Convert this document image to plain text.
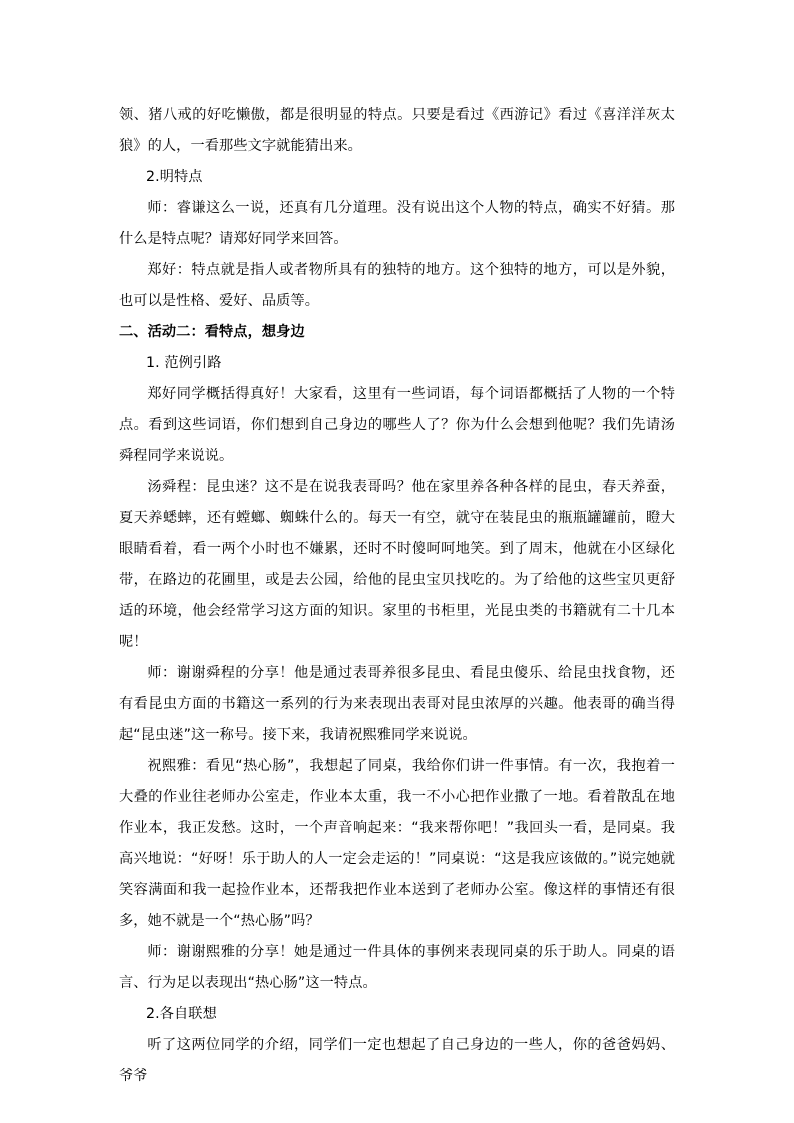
领、猪八戒的好吃懒傲，都是很明显的特点。只要是看过《西游记》看过《喜洋洋灰太狼》的人，一看那些文字就能猜出来。

2.明特点

师：睿谦这么一说，还真有几分道理。没有说出这个人物的特点，确实不好猜。那什么是特点呢？请郑好同学来回答。

郑好：特点就是指人或者物所具有的独特的地方。这个独特的地方，可以是外貌，也可以是性格、爱好、品质等。

二、活动二：看特点，想身边

1. 范例引路

郑好同学概括得真好！大家看，这里有一些词语，每个词语都概括了人物的一个特点。看到这些词语，你们想到自己身边的哪些人了？你为什么会想到他呢？我们先请汤舜程同学来说说。

汤舜程：昆虫迷？这不是在说我表哥吗？他在家里养各种各样的昆虫，春天养蚕，夏天养蟋蟀，还有螳螂、蜘蛛什么的。每天一有空，就守在装昆虫的瓶瓶罐罐前，瞪大眼睛看着，看一两个小时也不嫌累，还时不时傻呵呵地笑。到了周末，他就在小区绿化带，在路边的花圃里，或是去公园，给他的昆虫宝贝找吃的。为了给他的这些宝贝更舒适的环境，他会经常学习这方面的知识。家里的书柜里，光昆虫类的书籍就有二十几本呢！

师：谢谢舜程的分享！他是通过表哥养很多昆虫、看昆虫傻乐、给昆虫找食物，还有看昆虫方面的书籍这一系列的行为来表现出表哥对昆虫浓厚的兴趣。他表哥的确当得起“昆虫迷”这一称号。接下来，我请祝熙雅同学来说说。

祝熙雅：看见“热心肠”，我想起了同桌，我给你们讲一件事情。有一次，我抱着一大叠的作业往老师办公室走，作业本太重，我一不小心把作业撒了一地。看着散乱在地作业本，我正发愁。这时，一个声音响起来：“我来帮你吧！”我回头一看，是同桌。我高兴地说：“好呀！乐于助人的人一定会走运的！”同桌说：“这是我应该做的。”说完她就笑容满面和我一起捡作业本，还帮我把作业本送到了老师办公室。像这样的事情还有很多，她不就是一个“热心肠”吗？

师：谢谢熙雅的分享！她是通过一件具体的事例来表现同桌的乐于助人。同桌的语言、行为足以表现出“热心肠”这一特点。

2.各自联想

听了这两位同学的介绍，同学们一定也想起了自己身边的一些人，你的爸爸妈妈、爷爷
